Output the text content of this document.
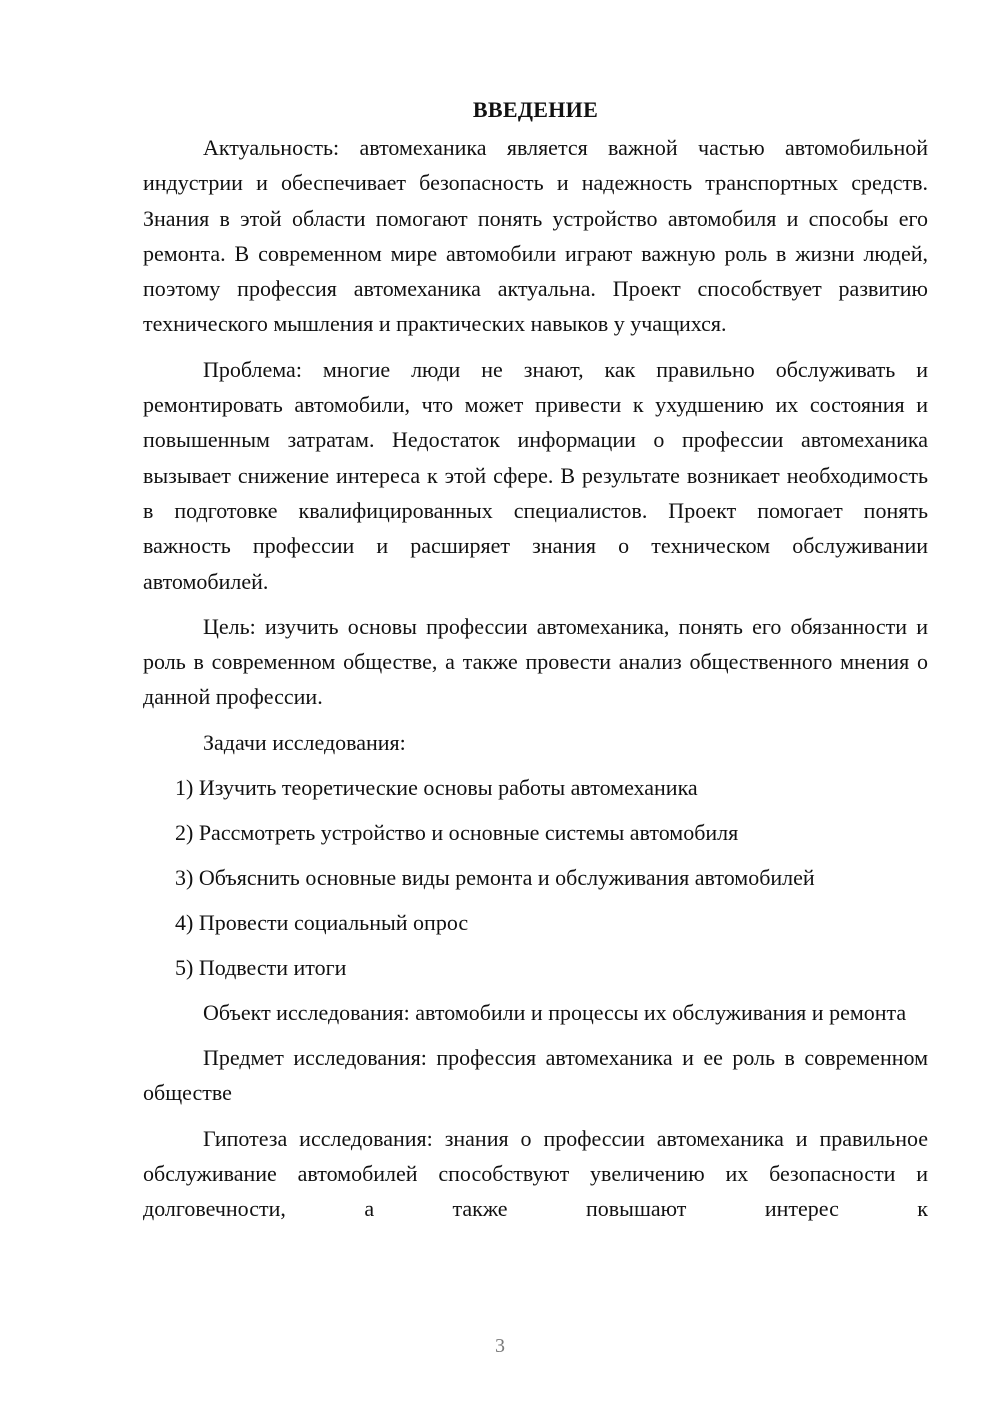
ВВЕДЕНИЕ

Актуальность: автомеханика является важной частью автомобильной индустрии и обеспечивает безопасность и надежность транспортных средств. Знания в этой области помогают понять устройство автомобиля и способы его ремонта. В современном мире автомобили играют важную роль в жизни людей, поэтому профессия автомеханика актуальна. Проект способствует развитию технического мышления и практических навыков у учащихся.

Проблема: многие люди не знают, как правильно обслуживать и ремонтировать автомобили, что может привести к ухудшению их состояния и повышенным затратам. Недостаток информации о профессии автомеханика вызывает снижение интереса к этой сфере. В результате возникает необходимость в подготовке квалифицированных специалистов. Проект помогает понять важность профессии и расширяет знания о техническом обслуживании автомобилей.

Цель: изучить основы профессии автомеханика, понять его обязанности и роль в современном обществе, а также провести анализ общественного мнения о данной профессии.

Задачи исследования:
1) Изучить теоретические основы работы автомеханика
2) Рассмотреть устройство и основные системы автомобиля
3) Объяснить основные виды ремонта и обслуживания автомобилей
4) Провести социальный опрос
5) Подвести итоги

Объект исследования: автомобили и процессы их обслуживания и ремонта

Предмет исследования: профессия автомеханика и ее роль в современном обществе

Гипотеза исследования: знания о профессии автомеханика и правильное обслуживание автомобилей способствуют увеличению их безопасности и долговечности, а также повышают интерес к

3
